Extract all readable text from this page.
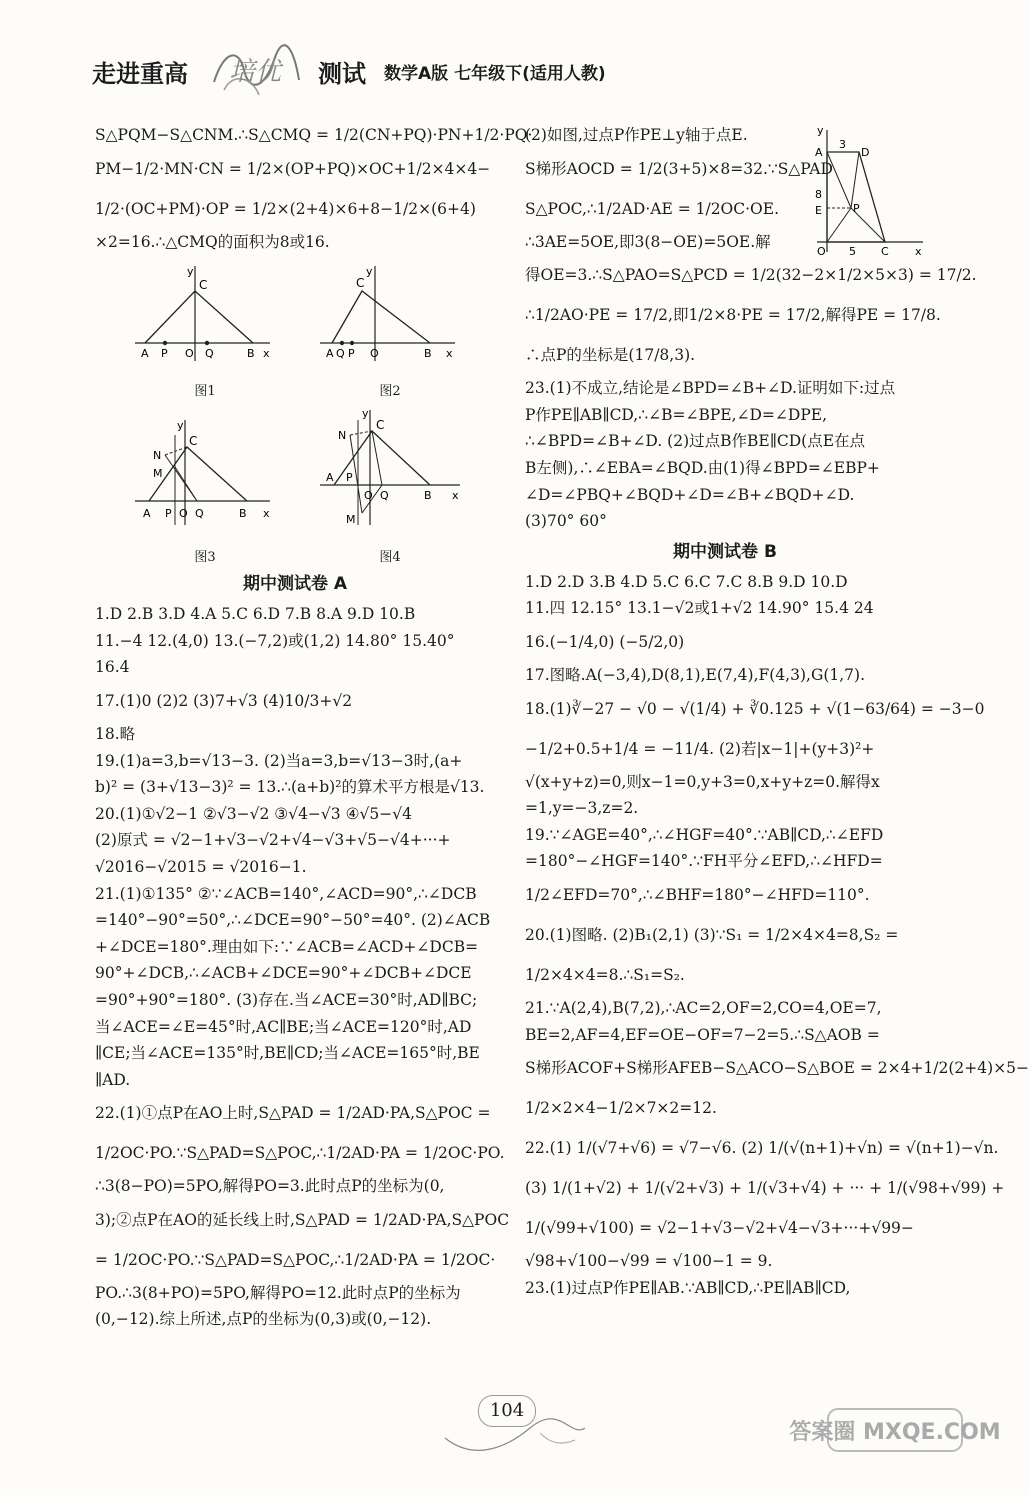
走进重高 培优 测试 数学A版 七年级下(适用人教)
S△PQM−S△CNM.∴S△CMQ = 1/2(CN+PQ)·PN+1/2·PQ·
PM−1/2·MN·CN = 1/2×(OP+PQ)×OC+1/2×4×4−
1/2·(OC+PM)·OP = 1/2×(2+4)×6+8−1/2×(6+4)
×2=16.∴△CMQ的面积为8或16.
y
C
A P O Q	B x
图1
y
C
A Q P O	B x
图2
y
N
C
M
A P O Q	B x
图3
y
N
C
A P
O Q	B x
M
图4
期中测试卷 A
1.D 2.B 3.D 4.A 5.C 6.D 7.B 8.A 9.D 10.B
11.−4 12.(4,0) 13.(−7,2)或(1,2) 14.80° 15.40°
16.4
17.(1)0 (2)2 (3)7+√3 (4)10/3+√2
18.略
19.(1)a=3,b=√13−3. (2)当a=3,b=√13−3时,(a+
b)² = (3+√13−3)² = 13.∴(a+b)²的算术平方根是√13.
20.(1)①√2−1 ②√3−√2 ③√4−√3 ④√5−√4
(2)原式 = √2−1+√3−√2+√4−√3+√5−√4+···+
√2016−√2015 = √2016−1.
21.(1)①135° ②∵∠ACB=140°,∠ACD=90°,∴∠DCB
=140°−90°=50°,∴∠DCE=90°−50°=40°. (2)∠ACB
+∠DCE=180°.理由如下:∵∠ACB=∠ACD+∠DCB=
90°+∠DCB,∴∠ACB+∠DCE=90°+∠DCB+∠DCE
=90°+90°=180°. (3)存在.当∠ACE=30°时,AD∥BC;
当∠ACE=∠E=45°时,AC∥BE;当∠ACE=120°时,AD
∥CE;当∠ACE=135°时,BE∥CD;当∠ACE=165°时,BE
∥AD.
22.(1)①点P在AO上时,S△PAD = 1/2AD·PA,S△POC =
1/2OC·PO.∵S△PAD=S△POC,∴1/2AD·PA = 1/2OC·PO.
∴3(8−PO)=5PO,解得PO=3.此时点P的坐标为(0,
3);②点P在AO的延长线上时,S△PAD = 1/2AD·PA,S△POC
= 1/2OC·PO.∵S△PAD=S△POC,∴1/2AD·PA = 1/2OC·
PO.∴3(8+PO)=5PO,解得PO=12.此时点P的坐标为
(0,−12).综上所述,点P的坐标为(0,3)或(0,−12).
y
A
3
D
8
E	P
O 5 C x
(2)如图,过点P作PE⊥y轴于点E.
S梯形AOCD = 1/2(3+5)×8=32.∵S△PAD
S△POC,∴1/2AD·AE = 1/2OC·OE.
∴3AE=5OE,即3(8−OE)=5OE.解
得OE=3.∴S△PAO=S△PCD = 1/2(32−2×1/2×5×3) = 17/2.
∴1/2AO·PE = 17/2,即1/2×8·PE = 17/2,解得PE = 17/8.
∴点P的坐标是(17/8,3).
23.(1)不成立,结论是∠BPD=∠B+∠D.证明如下:过点
P作PE∥AB∥CD,∴∠B=∠BPE,∠D=∠DPE,
∴∠BPD=∠B+∠D. (2)过点B作BE∥CD(点E在点
B左侧),∴∠EBA=∠BQD.由(1)得∠BPD=∠EBP+
∠D=∠PBQ+∠BQD+∠D=∠B+∠BQD+∠D.
(3)70° 60°
期中测试卷 B
1.D 2.D 3.B 4.D 5.C 6.C 7.C 8.B 9.D 10.D
11.四 12.15° 13.1−√2或1+√2 14.90° 15.4 24
16.(−1/4,0) (−5/2,0)
17.图略.A(−3,4),D(8,1),E(7,4),F(4,3),G(1,7).
18.(1)∛−27 − √0 − √(1/4) + ∛0.125 + √(1−63/64) = −3−0
−1/2+0.5+1/4 = −11/4. (2)若|x−1|+(y+3)²+
√(x+y+z)=0,则x−1=0,y+3=0,x+y+z=0.解得x
=1,y=−3,z=2.
19.∵∠AGE=40°,∴∠HGF=40°.∵AB∥CD,∴∠EFD
=180°−∠HGF=140°.∵FH平分∠EFD,∴∠HFD=
1/2∠EFD=70°,∴∠BHF=180°−∠HFD=110°.
20.(1)图略. (2)B₁(2,1) (3)∵S₁ = 1/2×4×4=8,S₂ =
1/2×4×4=8.∴S₁=S₂.
21.∵A(2,4),B(7,2),∴AC=2,OF=2,CO=4,OE=7,
BE=2,AF=4,EF=OE−OF=7−2=5.∴S△AOB =
S梯形ACOF+S梯形AFEB−S△ACO−S△BOE = 2×4+1/2(2+4)×5−
1/2×2×4−1/2×7×2=12.
22.(1) 1/(√7+√6) = √7−√6. (2) 1/(√(n+1)+√n) = √(n+1)−√n.
(3) 1/(1+√2) + 1/(√2+√3) + 1/(√3+√4) + ··· + 1/(√98+√99) +
1/(√99+√100) = √2−1+√3−√2+√4−√3+···+√99−
√98+√100−√99 = √100−1 = 9.
23.(1)过点P作PE∥AB.∵AB∥CD,∴PE∥AB∥CD,
104
答案圈 MXQE.COM
